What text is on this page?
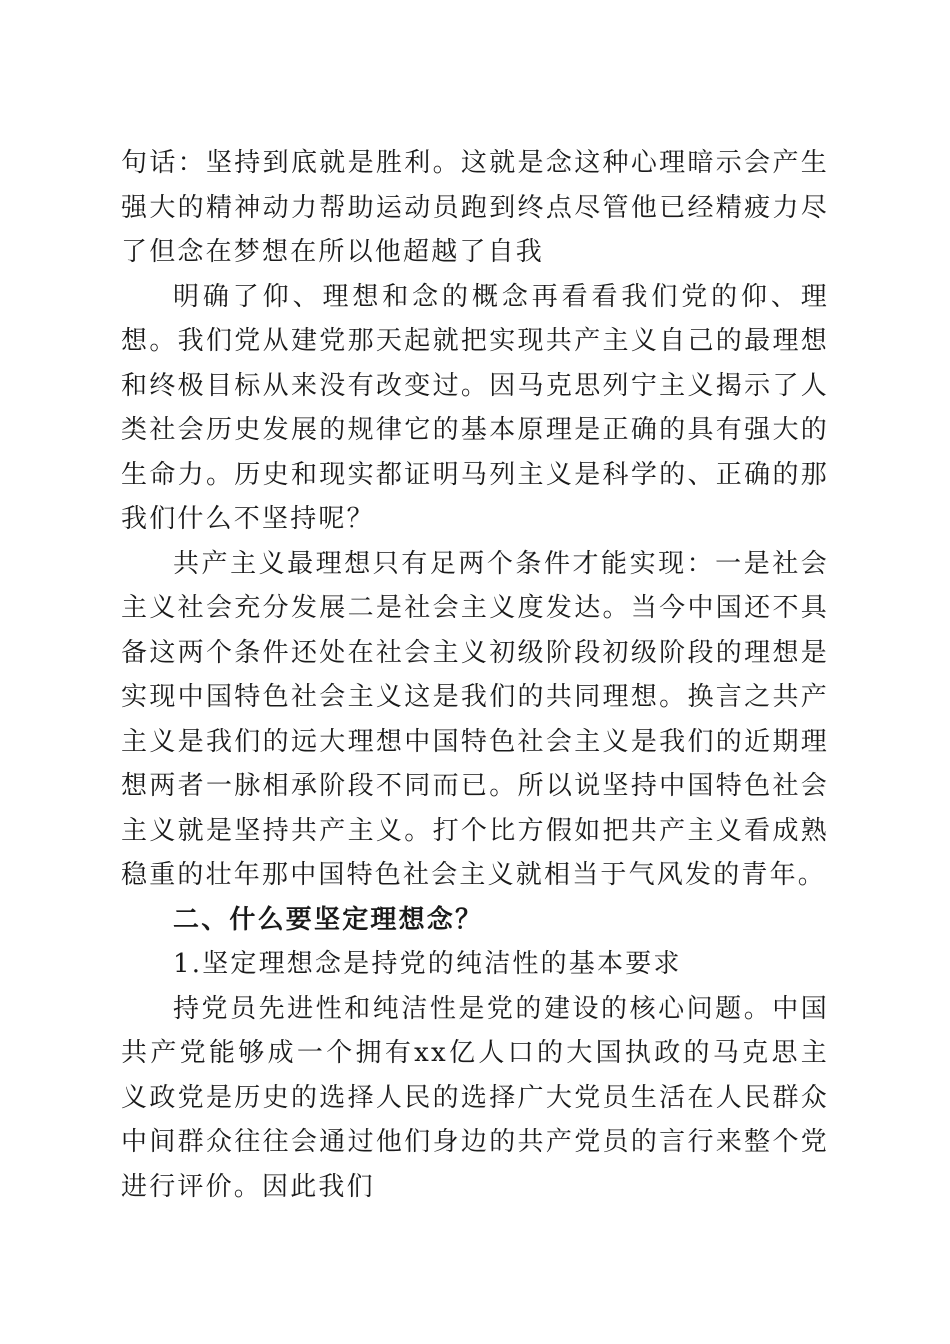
句话：坚持到底就是胜利。这就是念这种心理暗示会产生强大的精神动力帮助运动员跑到终点尽管他已经精疲力尽了但念在梦想在所以他超越了自我

明确了仰、理想和念的概念再看看我们党的仰、理想。我们党从建党那天起就把实现共产主义自己的最理想和终极目标从来没有改变过。因马克思列宁主义揭示了人类社会历史发展的规律它的基本原理是正确的具有强大的生命力。历史和现实都证明马列主义是科学的、正确的那我们什么不坚持呢？

共产主义最理想只有足两个条件才能实现：一是社会主义社会充分发展二是社会主义度发达。当今中国还不具备这两个条件还处在社会主义初级阶段初级阶段的理想是实现中国特色社会主义这是我们的共同理想。换言之共产主义是我们的远大理想中国特色社会主义是我们的近期理想两者一脉相承阶段不同而已。所以说坚持中国特色社会主义就是坚持共产主义。打个比方假如把共产主义看成熟稳重的壮年那中国特色社会主义就相当于气风发的青年。

二、什么要坚定理想念？

1.坚定理想念是持党的纯洁性的基本要求

持党员先进性和纯洁性是党的建设的核心问题。中国共产党能够成一个拥有xx亿人口的大国执政的马克思主义政党是历史的选择人民的选择广大党员生活在人民群众中间群众往往会通过他们身边的共产党员的言行来整个党进行评价。因此我们
